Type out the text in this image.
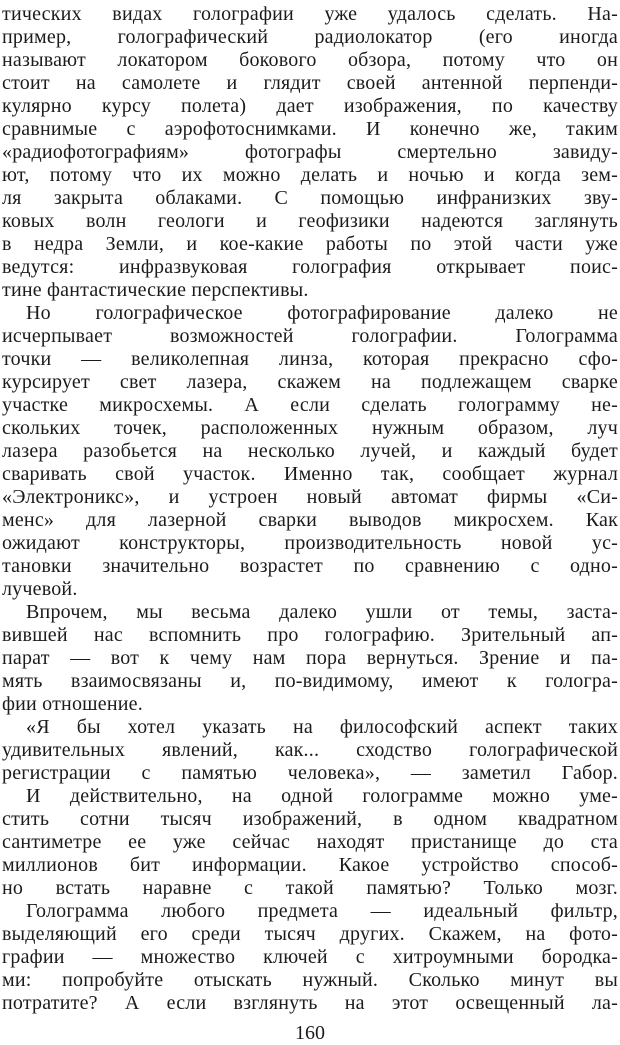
тических видах голографии уже удалось сделать. На-
пример, голографический радиолокатор (его иногда
называют локатором бокового обзора, потому что он
стоит на самолете и глядит своей антенной перпенди-
кулярно курсу полета) дает изображения, по качеству
сравнимые с аэрофотоснимками. И конечно же, таким
«радиофотографиям» фотографы смертельно завиду-
ют, потому что их можно делать и ночью и когда зем-
ля закрыта облаками. С помощью инфранизких зву-
ковых волн геологи и геофизики надеются заглянуть
в недра Земли, и кое-какие работы по этой части уже
ведутся: инфразвуковая голография открывает поис-
тине фантастические перспективы.
Но голографическое фотографирование далеко не
исчерпывает возможностей голографии. Голограмма
точки — великолепная линза, которая прекрасно сфо-
курсирует свет лазера, скажем на подлежащем сварке
участке микросхемы. А если сделать голограмму не-
скольких точек, расположенных нужным образом, луч
лазера разобьется на несколько лучей, и каждый будет
сваривать свой участок. Именно так, сообщает журнал
«Электроникс», и устроен новый автомат фирмы «Си-
менс» для лазерной сварки выводов микросхем. Как
ожидают конструкторы, производительность новой ус-
тановки значительно возрастет по сравнению с одно-
лучевой.
Впрочем, мы весьма далеко ушли от темы, заста-
вившей нас вспомнить про голографию. Зрительный ап-
парат — вот к чему нам пора вернуться. Зрение и па-
мять взаимосвязаны и, по-видимому, имеют к гологра-
фии отношение.
«Я бы хотел указать на философский аспект таких
удивительных явлений, как... сходство голографической
регистрации с памятью человека», — заметил Габор.
И действительно, на одной голограмме можно уме-
стить сотни тысяч изображений, в одном квадратном
сантиметре ее уже сейчас находят пристанище до ста
миллионов бит информации. Какое устройство способ-
но встать наравне с такой памятью? Только мозг.
Голограмма любого предмета — идеальный фильтр,
выделяющий его среди тысяч других. Скажем, на фото-
графии — множество ключей с хитроумными бородка-
ми: попробуйте отыскать нужный. Сколько минут вы
потратите? А если взглянуть на этот освещенный ла-
160
